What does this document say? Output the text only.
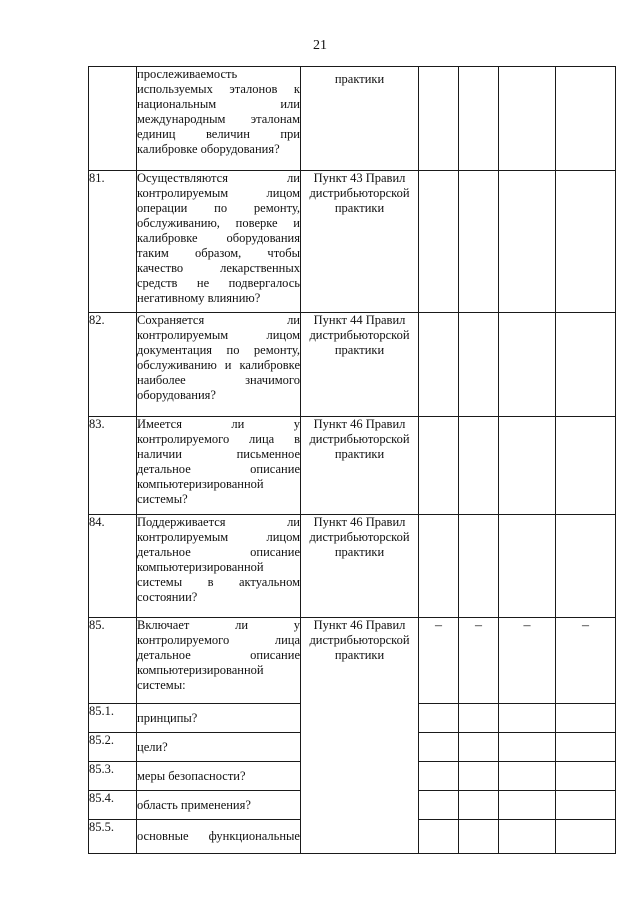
21
	прослеживаемость используемых эталонов к национальным или международным эталонам единиц величин при калибровке оборудования?	практики				
81.	Осуществляются ли контролируемым лицом операции по ремонту, обслуживанию, поверке и калибровке оборудования таким образом, чтобы качество лекарственных средств не подвергалось негативному влиянию?	Пункт 43 Правил дистрибьюторской практики				
82.	Сохраняется ли контролируемым лицом документация по ремонту, обслуживанию и калибровке наиболее значимого оборудования?	Пункт 44 Правил дистрибьюторской практики				
83.	Имеется ли у контролируемого лица в наличии письменное детальное описание компьютеризированной системы?	Пункт 46 Правил дистрибьюторской практики				
84.	Поддерживается ли контролируемым лицом детальное описание компьютеризированной системы в актуальном состоянии?	Пункт 46 Правил дистрибьюторской практики				
85.	Включает ли у контролируемого лица детальное описание компьютеризированной системы:	Пункт 46 Правил дистрибьюторской практики	–	–	–	–
85.1.	принципы?					
85.2.	цели?					
85.3.	меры безопасности?					
85.4.	область применения?					
85.5.	основные функциональные					
